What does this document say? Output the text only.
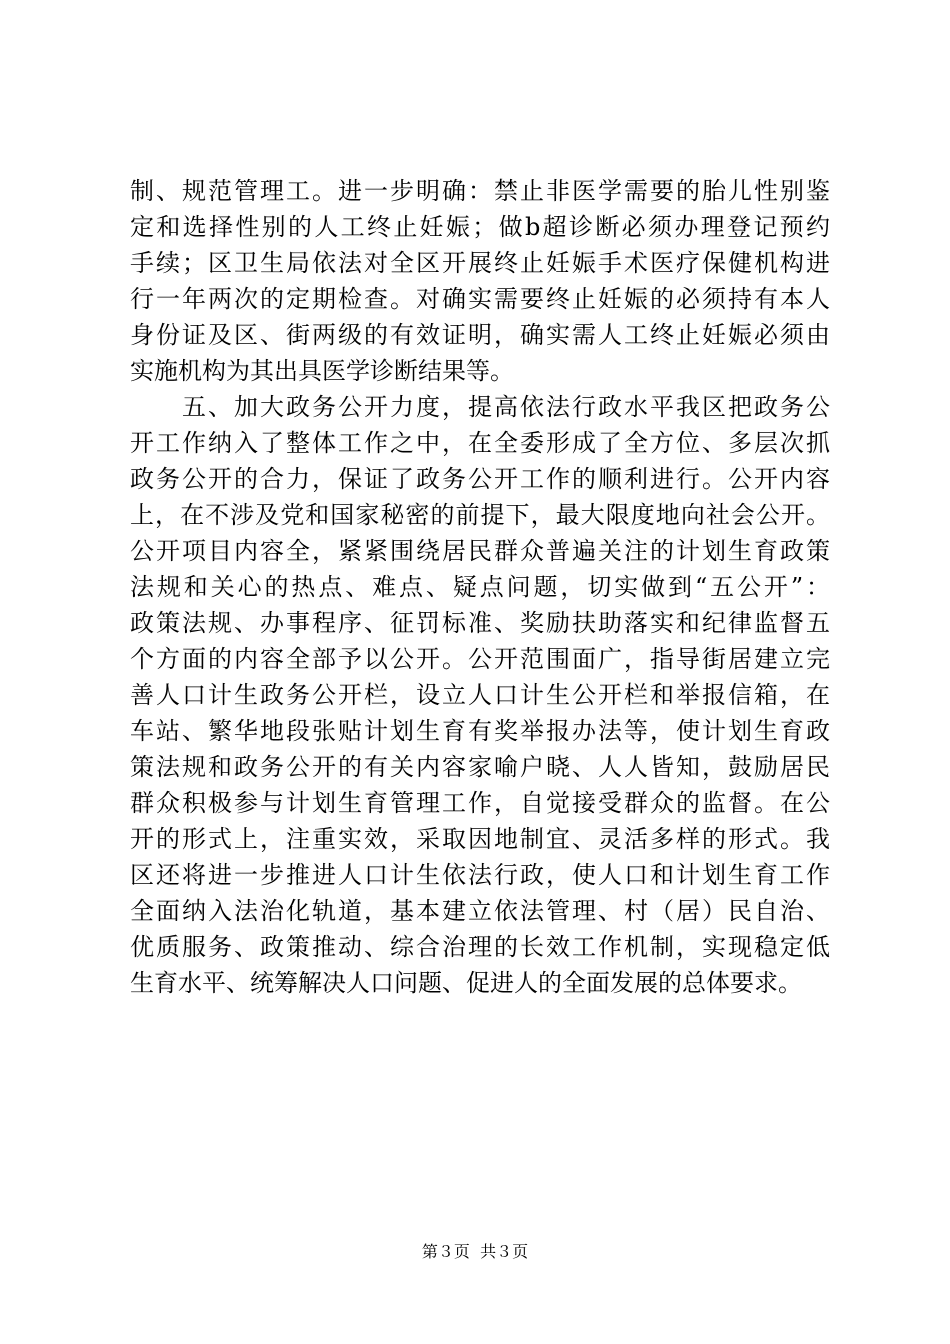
制、规范管理工。进一步明确：禁止非医学需要的胎儿性别鉴
定和选择性别的人工终止妊娠；做b超诊断必须办理登记预约
手续；区卫生局依法对全区开展终止妊娠手术医疗保健机构进
行一年两次的定期检查。对确实需要终止妊娠的必须持有本人
身份证及区、街两级的有效证明，确实需人工终止妊娠必须由
实施机构为其出具医学诊断结果等。
　　五、加大政务公开力度，提高依法行政水平我区把政务公
开工作纳入了整体工作之中，在全委形成了全方位、多层次抓
政务公开的合力，保证了政务公开工作的顺利进行。公开内容
上，在不涉及党和国家秘密的前提下，最大限度地向社会公开。
公开项目内容全，紧紧围绕居民群众普遍关注的计划生育政策
法规和关心的热点、难点、疑点问题，切实做到“五公开”：
政策法规、办事程序、征罚标准、奖励扶助落实和纪律监督五
个方面的内容全部予以公开。公开范围面广，指导街居建立完
善人口计生政务公开栏，设立人口计生公开栏和举报信箱，在
车站、繁华地段张贴计划生育有奖举报办法等，使计划生育政
策法规和政务公开的有关内容家喻户晓、人人皆知，鼓励居民
群众积极参与计划生育管理工作，自觉接受群众的监督。在公
开的形式上，注重实效，采取因地制宜、灵活多样的形式。我
区还将进一步推进人口计生依法行政，使人口和计划生育工作
全面纳入法治化轨道，基本建立依法管理、村（居）民自治、
优质服务、政策推动、综合治理的长效工作机制，实现稳定低
生育水平、统筹解决人口问题、促进人的全面发展的总体要求。
第３页  共３页
